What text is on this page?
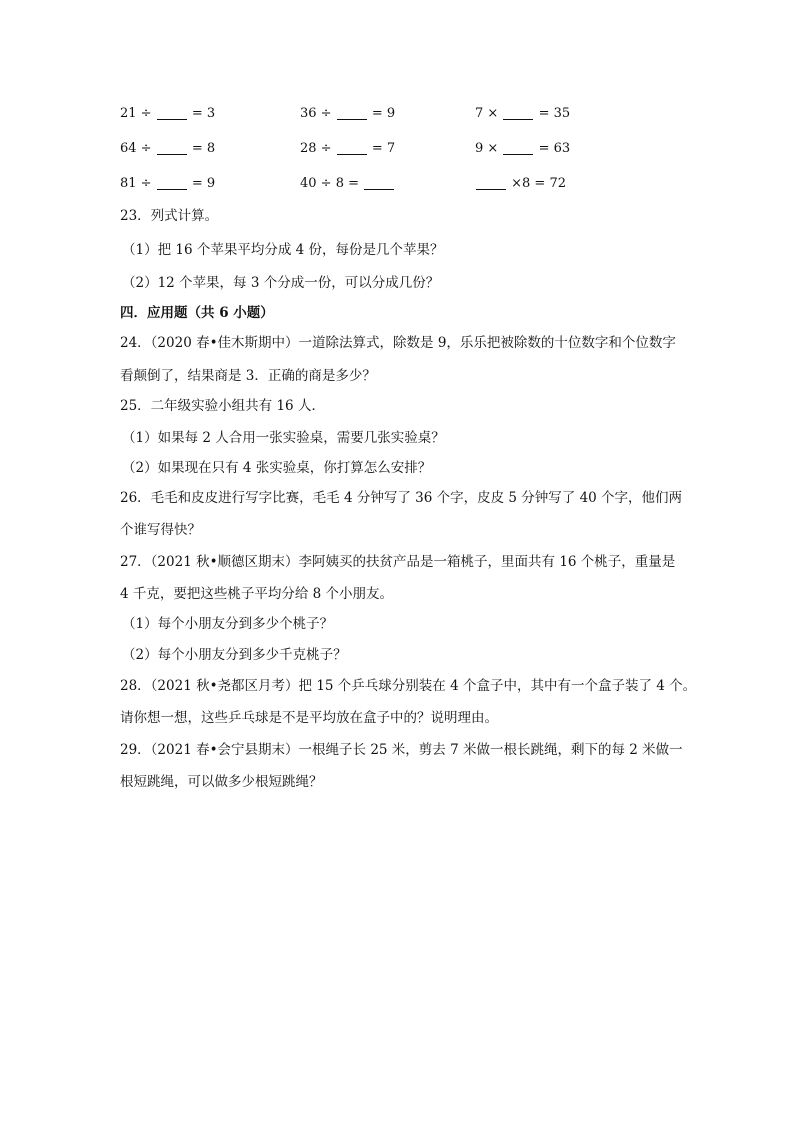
21 ÷  = 3	36 ÷  = 9	7 ×  = 35
64 ÷  = 8	28 ÷  = 7	9 ×  = 63
81 ÷  = 9	40 ÷ 8 =	×8 = 72
23．列式计算。
（1）把 16 个苹果平均分成 4 份，每份是几个苹果？
（2）12 个苹果，每 3 个分成一份，可以分成几份？
四．应用题（共 6 小题）
24．（2020 春•佳木斯期中）一道除法算式，除数是 9，乐乐把被除数的十位数字和个位数字
看颠倒了，结果商是 3．正确的商是多少？
25．二年级实验小组共有 16 人．
（1）如果每 2 人合用一张实验桌，需要几张实验桌？
（2）如果现在只有 4 张实验桌，你打算怎么安排？
26．毛毛和皮皮进行写字比赛，毛毛 4 分钟写了 36 个字，皮皮 5 分钟写了 40 个字，他们两
个谁写得快？
27．（2021 秋•顺德区期末）李阿姨买的扶贫产品是一箱桃子，里面共有 16 个桃子，重量是
4 千克，要把这些桃子平均分给 8 个小朋友。
（1）每个小朋友分到多少个桃子？
（2）每个小朋友分到多少千克桃子？
28．（2021 秋•尧都区月考）把 15 个乒乓球分别装在 4 个盒子中，其中有一个盒子装了 4 个。
请你想一想，这些乒乓球是不是平均放在盒子中的？说明理由。
29．（2021 春•会宁县期末）一根绳子长 25 米，剪去 7 米做一根长跳绳，剩下的每 2 米做一
根短跳绳，可以做多少根短跳绳？
